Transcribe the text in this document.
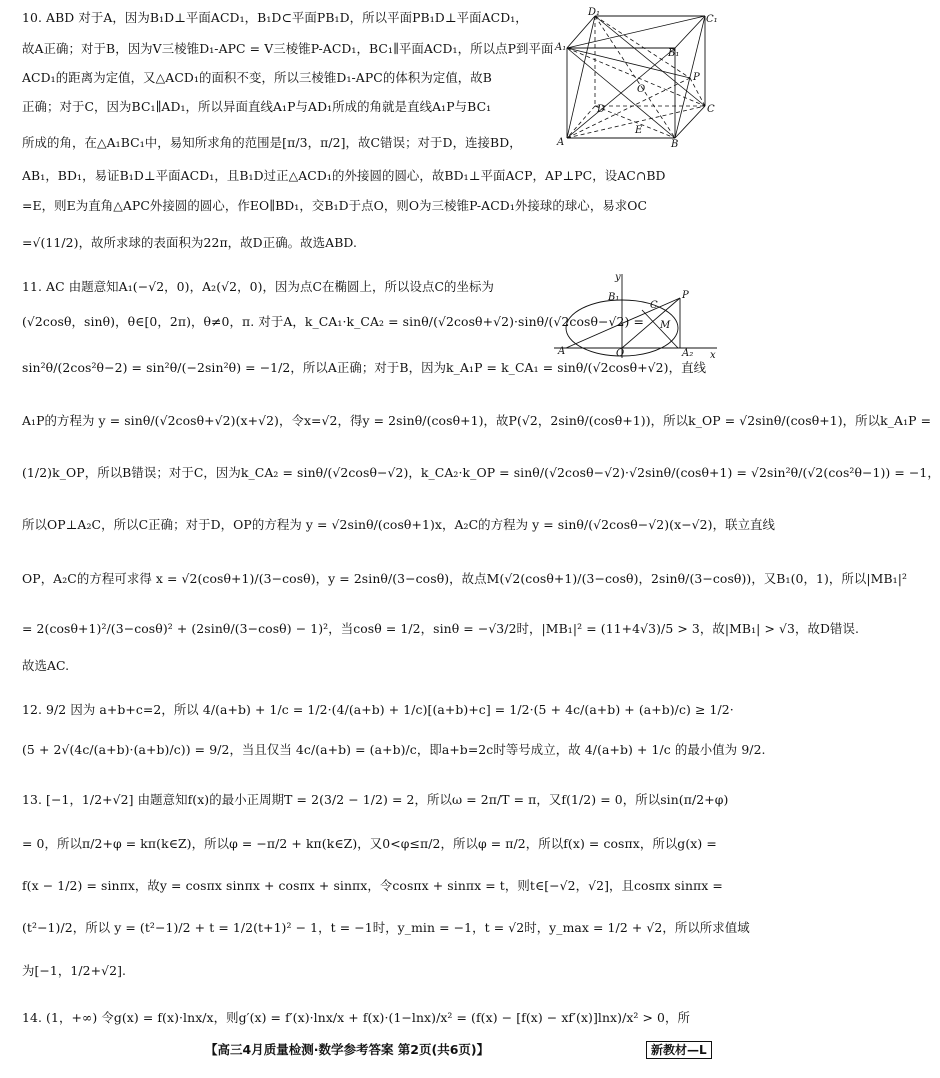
10. ABD 对于A，因为B₁D⊥平面ACD₁，B₁D⊂平面PB₁D，所以平面PB₁D⊥平面ACD₁，
故A正确；对于B，因为V三棱锥D₁-APC = V三棱锥P-ACD₁，BC₁∥平面ACD₁，所以点P到平面
ACD₁的距离为定值，又△ACD₁的面积不变，所以三棱锥D₁-APC的体积为定值，故B
正确；对于C，因为BC₁∥AD₁，所以异面直线A₁P与AD₁所成的角就是直线A₁P与BC₁
所成的角，在△A₁BC₁中，易知所求角的范围是[π/3，π/2]，故C错误；对于D，连接BD，
AB₁，BD₁，易证B₁D⊥平面ACD₁，且B₁D过正△ACD₁的外接圆的圆心，故BD₁⊥平面ACP，AP⊥PC，设AC∩BD
=E，则E为直角△APC外接圆的圆心，作EO∥BD₁，交B₁D于点O，则O为三棱锥P-ACD₁外接球的球心，易求OC
=√(11/2)，故所求球的表面积为22π，故D正确。故选ABD.
D₁
C₁
A₁
B₁
P
O
D	C
A
E
B
11. AC 由题意知A₁(−√2，0)，A₂(√2，0)，因为点C在椭圆上，所以设点C的坐标为
(√2cosθ，sinθ)，θ∈[0，2π)，θ≠0，π. 对于A，k_CA₁·k_CA₂ = sinθ/(√2cosθ+√2)·sinθ/(√2cosθ−√2) =
sin²θ/(2cos²θ−2) = sin²θ/(−2sin²θ) = −1/2，所以A正确；对于B，因为k_A₁P = k_CA₁ = sinθ/(√2cosθ+√2)，直线
A₁P的方程为 y = sinθ/(√2cosθ+√2)(x+√2)，令x=√2，得y = 2sinθ/(cosθ+1)，故P(√2，2sinθ/(cosθ+1))，所以k_OP = √2sinθ/(cosθ+1)，所以k_A₁P =
(1/2)k_OP，所以B错误；对于C，因为k_CA₂ = sinθ/(√2cosθ−√2)，k_CA₂·k_OP = sinθ/(√2cosθ−√2)·√2sinθ/(cosθ+1) = √2sin²θ/(√2(cos²θ−1)) = −1，
所以OP⊥A₂C，所以C正确；对于D，OP的方程为 y = √2sinθ/(cosθ+1)x，A₂C的方程为 y = sinθ/(√2cosθ−√2)(x−√2)，联立直线
OP，A₂C的方程可求得 x = √2(cosθ+1)/(3−cosθ)，y = 2sinθ/(3−cosθ)，故点M(√2(cosθ+1)/(3−cosθ)，2sinθ/(3−cosθ))，又B₁(0，1)，所以|MB₁|²
= 2(cosθ+1)²/(3−cosθ)² + (2sinθ/(3−cosθ) − 1)²，当cosθ = 1/2，sinθ = −√3/2时，|MB₁|² = (11+4√3)/5 > 3，故|MB₁| > √3，故D错误.
故选AC.
y
B₁
C
P
M
A	O	A₂ x
12. 9/2 因为 a+b+c=2，所以 4/(a+b) + 1/c = 1/2·(4/(a+b) + 1/c)[(a+b)+c] = 1/2·(5 + 4c/(a+b) + (a+b)/c) ≥ 1/2·
(5 + 2√(4c/(a+b)·(a+b)/c)) = 9/2，当且仅当 4c/(a+b) = (a+b)/c，即a+b=2c时等号成立，故 4/(a+b) + 1/c 的最小值为 9/2.
13. [−1，1/2+√2] 由题意知f(x)的最小正周期T = 2(3/2 − 1/2) = 2，所以ω = 2π/T = π，又f(1/2) = 0，所以sin(π/2+φ)
= 0，所以π/2+φ = kπ(k∈Z)，所以φ = −π/2 + kπ(k∈Z)，又0<φ≤π/2，所以φ = π/2，所以f(x) = cosπx，所以g(x) =
f(x − 1/2) = sinπx，故y = cosπx sinπx + cosπx + sinπx，令cosπx + sinπx = t，则t∈[−√2，√2]，且cosπx sinπx =
(t²−1)/2，所以 y = (t²−1)/2 + t = 1/2(t+1)² − 1，t = −1时，y_min = −1，t = √2时，y_max = 1/2 + √2，所以所求值域
为[−1，1/2+√2].
14. (1，+∞) 令g(x) = f(x)·lnx/x，则g′(x) = f′(x)·lnx/x + f(x)·(1−lnx)/x² = (f(x) − [f(x) − xf′(x)]lnx)/x² > 0，所
【高三4月质量检测·数学参考答案 第2页(共6页)】	新教材—L
